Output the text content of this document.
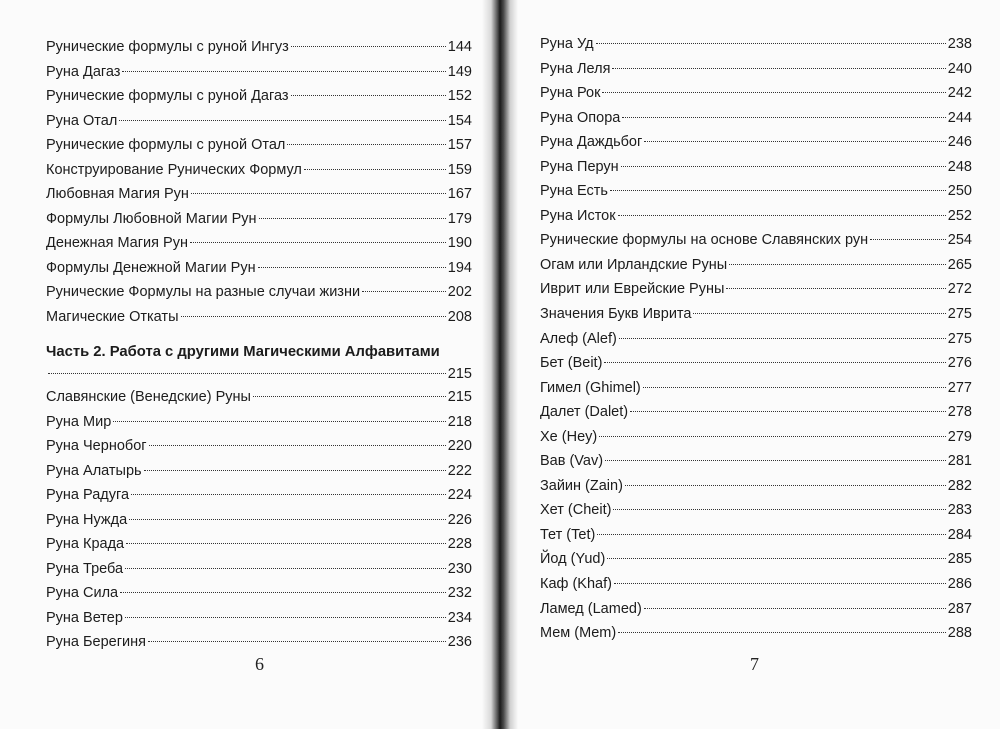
Рунические формулы с руной Ингуз	144
Руна Дагаз	149
Рунические формулы с руной Дагаз	152
Руна Отал	154
Рунические формулы с руной Отал	157
Конструирование Рунических Формул	159
Любовная Магия Рун	167
Формулы Любовной Магии Рун	179
Денежная Магия Рун	190
Формулы Денежной Магии Рун	194
Рунические Формулы на разные случаи жизни	202
Магические Откаты	208
Часть 2. Работа с другими Магическими Алфавитами
215
Славянские (Венедские) Руны	215
Руна Мир	218
Руна Чернобог	220
Руна Алатырь	222
Руна Радуга	224
Руна Нужда	226
Руна Крада	228
Руна Треба	230
Руна Сила	232
Руна Ветер	234
Руна Берегиня	236
Руна Уд	238
Руна Леля	240
Руна Рок	242
Руна Опора	244
Руна Даждьбог	246
Руна Перун	248
Руна Есть	250
Руна Исток	252
Рунические формулы на основе Славянских рун	254
Огам или Ирландские Руны	265
Иврит или Еврейские Руны	272
Значения Букв Иврита	275
Алеф (Alef)	275
Бет (Beit)	276
Гимел (Ghimel)	277
Далет (Dalet)	278
Хе (Hey)	279
Вав (Vav)	281
Зайин (Zain)	282
Хет (Cheit)	283
Тет (Tet)	284
Йод (Yud)	285
Каф (Khaf)	286
Ламед (Lamed)	287
Мем (Mem)	288
6	7
